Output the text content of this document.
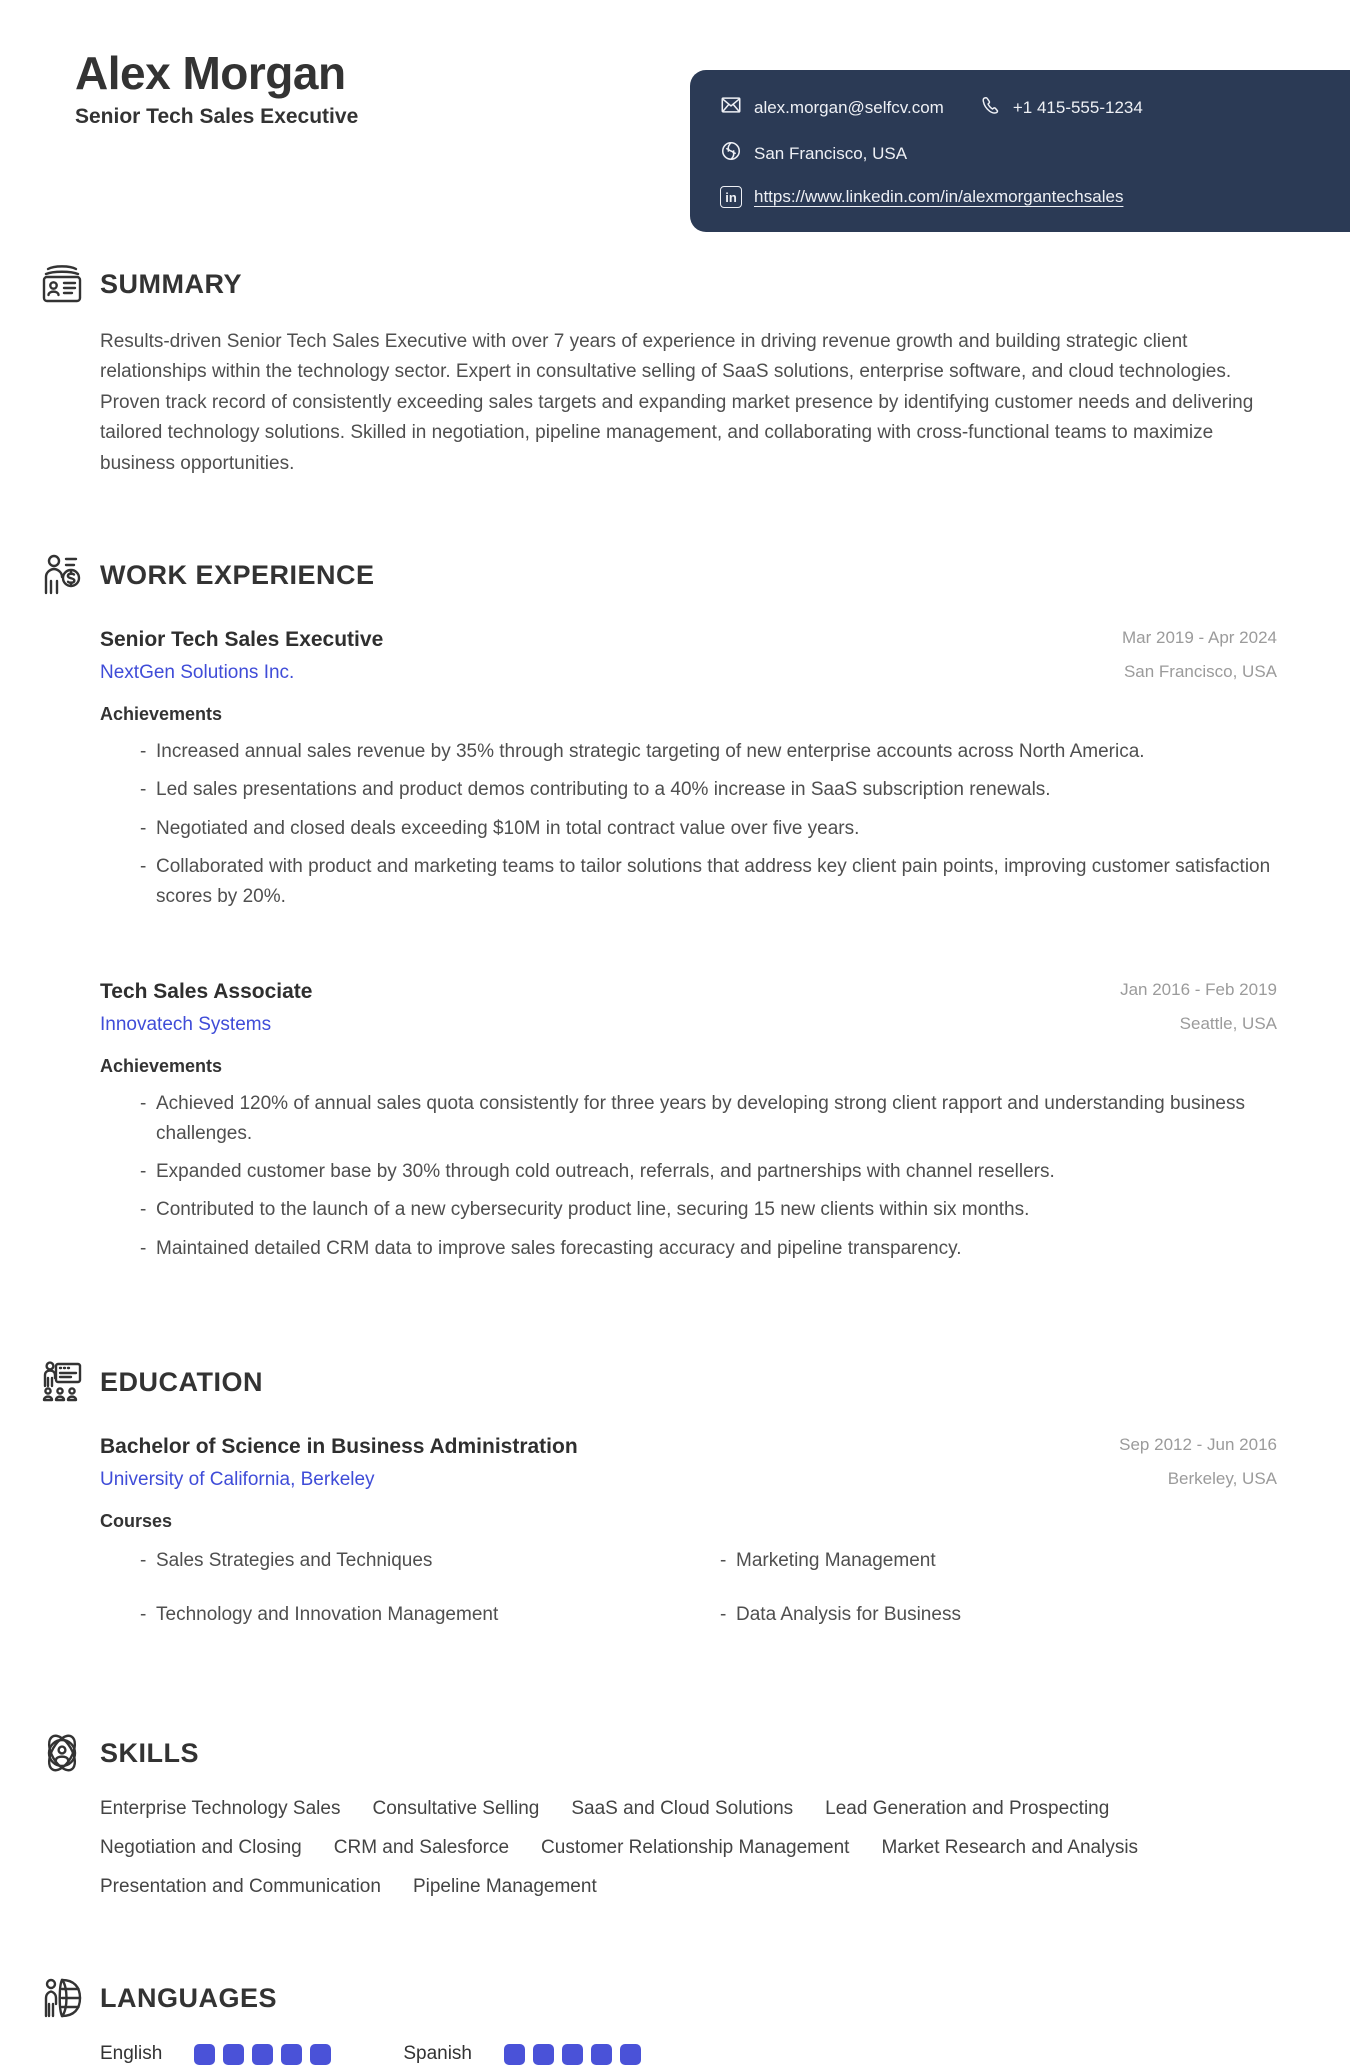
Alex Morgan
Senior Tech Sales Executive	alex.morgan@selfcv.com	+1 415-555-1234
San Francisco, USA
in	https://www.linkedin.com/in/alexmorgantechsales
SUMMARY
Results-driven Senior Tech Sales Executive with over 7 years of experience in driving revenue growth and building strategic client relationships within the technology sector. Expert in consultative selling of SaaS solutions, enterprise software, and cloud technologies. Proven track record of consistently exceeding sales targets and expanding market presence by identifying customer needs and delivering tailored technology solutions. Skilled in negotiation, pipeline management, and collaborating with cross-functional teams to maximize business opportunities.
WORK EXPERIENCE
Senior Tech Sales Executive
NextGen Solutions Inc.
Mar 2019 - Apr 2024
San Francisco, USA
Achievements
- Increased annual sales revenue by 35% through strategic targeting of new enterprise accounts across North America.
- Led sales presentations and product demos contributing to a 40% increase in SaaS subscription renewals.
- Negotiated and closed deals exceeding $10M in total contract value over five years.
- Collaborated with product and marketing teams to tailor solutions that address key client pain points, improving customer satisfaction scores by 20%.
Tech Sales Associate
Innovatech Systems
Jan 2016 - Feb 2019
Seattle, USA
Achievements
- Achieved 120% of annual sales quota consistently for three years by developing strong client rapport and understanding business challenges.
- Expanded customer base by 30% through cold outreach, referrals, and partnerships with channel resellers.
- Contributed to the launch of a new cybersecurity product line, securing 15 new clients within six months.
- Maintained detailed CRM data to improve sales forecasting accuracy and pipeline transparency.
EDUCATION
Bachelor of Science in Business Administration
University of California, Berkeley
Sep 2012 - Jun 2016
Berkeley, USA
Courses
- Sales Strategies and Techniques
- Technology and Innovation Management
- Marketing Management
- Data Analysis for Business
SKILLS
Enterprise Technology Sales Consultative Selling SaaS and Cloud Solutions Lead Generation and Prospecting
Negotiation and Closing CRM and Salesforce Customer Relationship Management Market Research and Analysis
Presentation and Communication Pipeline Management
LANGUAGES
English	Spanish
